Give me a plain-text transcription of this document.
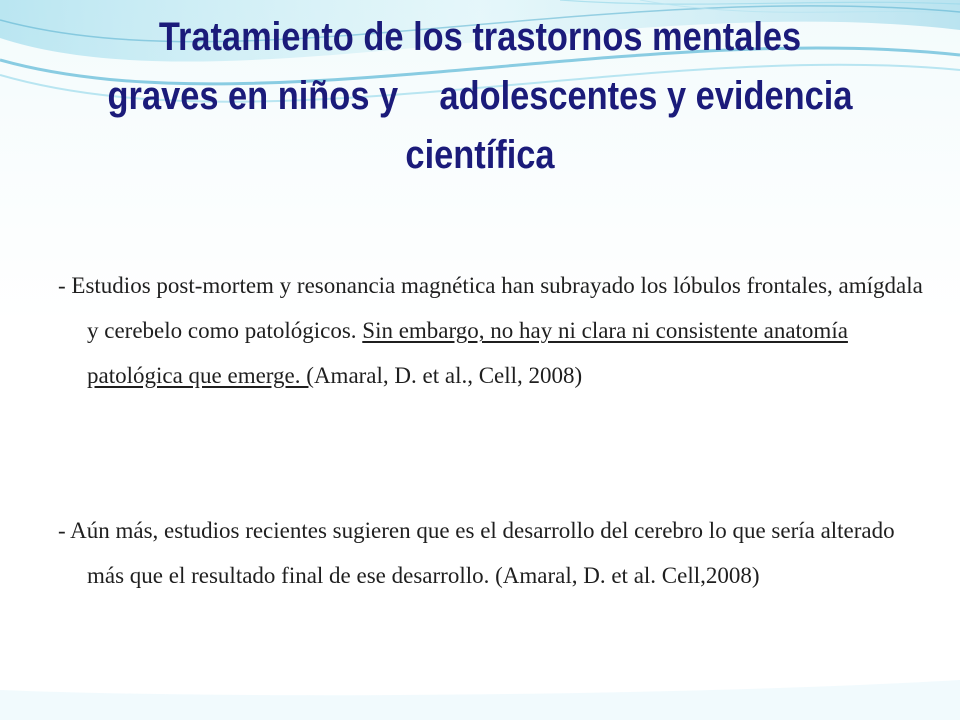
Tratamiento de los trastornos mentales
graves en niños y adolescentes y evidencia
científica

- Estudios post-mortem y resonancia magnética han subrayado los lóbulos frontales, amígdala y cerebelo como patológicos. Sin embargo, no hay ni clara ni consistente anatomía patológica que emerge. (Amaral, D. et al., Cell, 2008)

- Aún más, estudios recientes sugieren que es el desarrollo del cerebro lo que sería alterado más que el resultado final de ese desarrollo. (Amaral, D. et al. Cell,2008)
